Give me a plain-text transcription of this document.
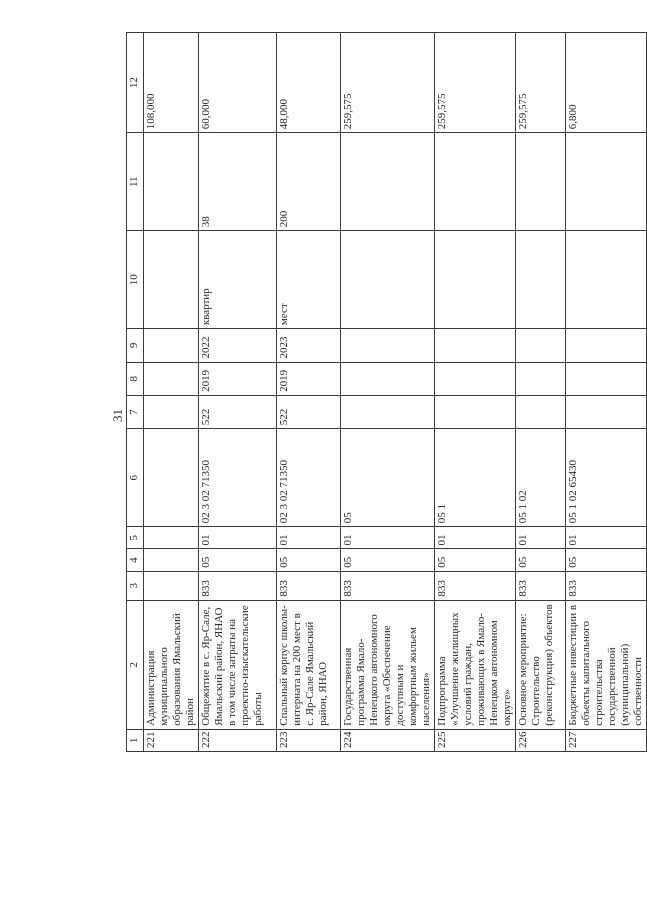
31
1	2	3	4	5	6	7	8	9	10	11	12
221	Администрация муниципального образования Ямальский район										108,000
222	Общежитие в с. Яр-Сале, Ямальский район, ЯНАО в том числе затраты на проектно-изыскательские работы	833	05	01	02 3 02 71350	522	2019	2022	квартир	38	60,000
223	Спальный корпус школы-интерната на 200 мест в с. Яр-Сале Ямальский район, ЯНАО	833	05	01	02 3 02 71350	522	2019	2023	мест	200	48,000
224	Государственная программа Ямало-Ненецкого автономного округа «Обеспечение доступным и комфортным жильем населения»	833	05	01	05						259,575
225	Подпрограмма «Улучшение жилищных условий граждан, проживающих в Ямало-Ненецком автономном округе»	833	05	01	05 1						259,575
226	Основное мероприятие: Строительство (реконструкция) объектов	833	05	01	05 1 02						259,575
227	Бюджетные инвестиции в объекты капитального строительства государственной (муниципальной) собственности	833	05	01	05 1 02 65430						6,800
